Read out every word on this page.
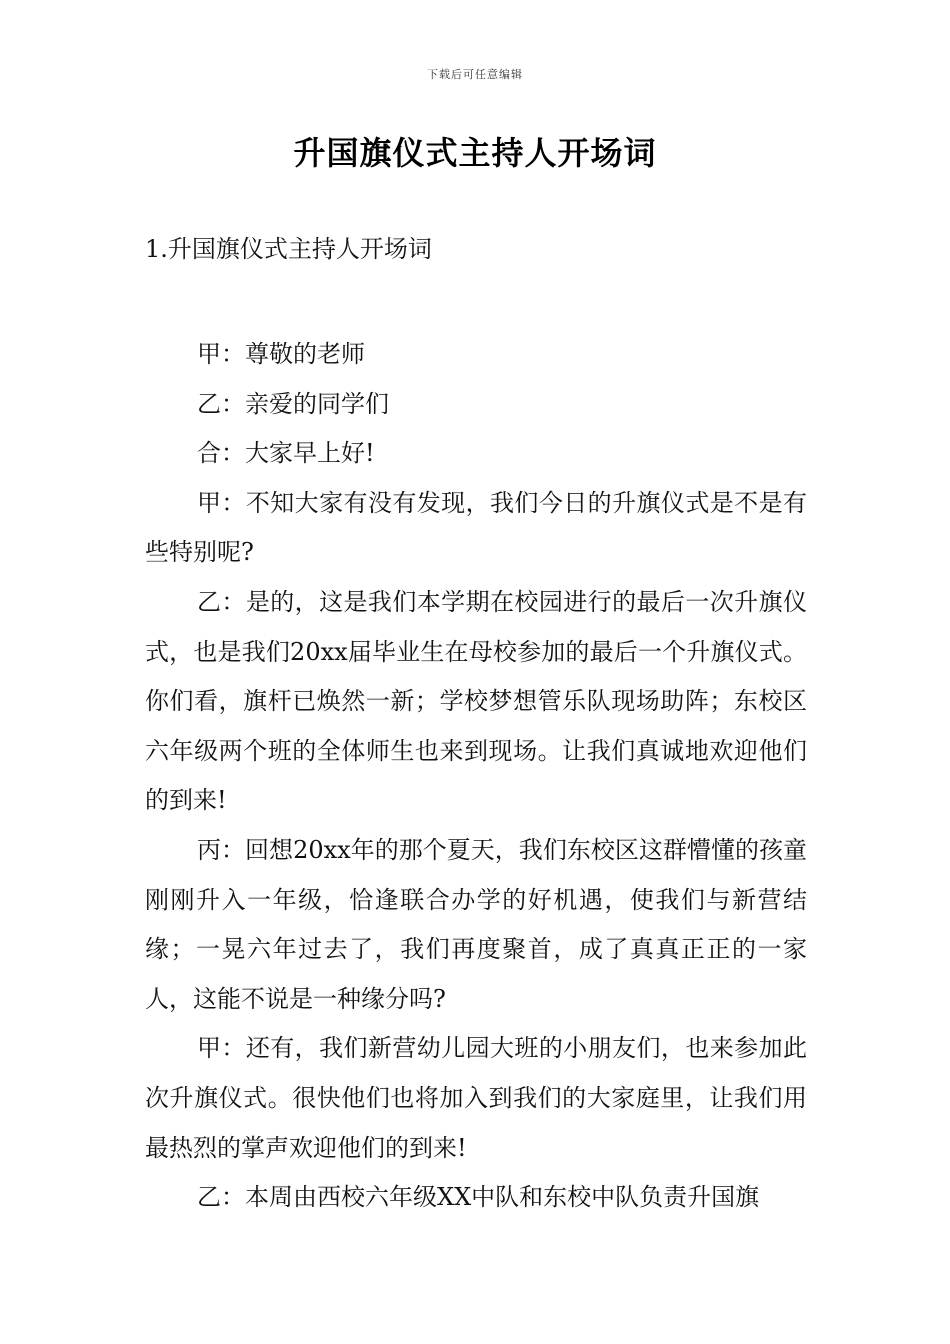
下载后可任意编辑
升国旗仪式主持人开场词
1.升国旗仪式主持人开场词

甲：尊敬的老师

乙：亲爱的同学们

合：大家早上好!

甲：不知大家有没有发现，我们今日的升旗仪式是不是有些特别呢?

乙：是的，这是我们本学期在校园进行的最后一次升旗仪式，也是我们20xx届毕业生在母校参加的最后一个升旗仪式。你们看，旗杆已焕然一新；学校梦想管乐队现场助阵；东校区六年级两个班的全体师生也来到现场。让我们真诚地欢迎他们的到来!

丙：回想20xx年的那个夏天，我们东校区这群懵懂的孩童刚刚升入一年级，恰逢联合办学的好机遇，使我们与新营结缘；一晃六年过去了，我们再度聚首，成了真真正正的一家人，这能不说是一种缘分吗?

甲：还有，我们新营幼儿园大班的小朋友们，也来参加此次升旗仪式。很快他们也将加入到我们的大家庭里，让我们用最热烈的掌声欢迎他们的到来!

乙：本周由西校六年级XX中队和东校中队负责升国旗
